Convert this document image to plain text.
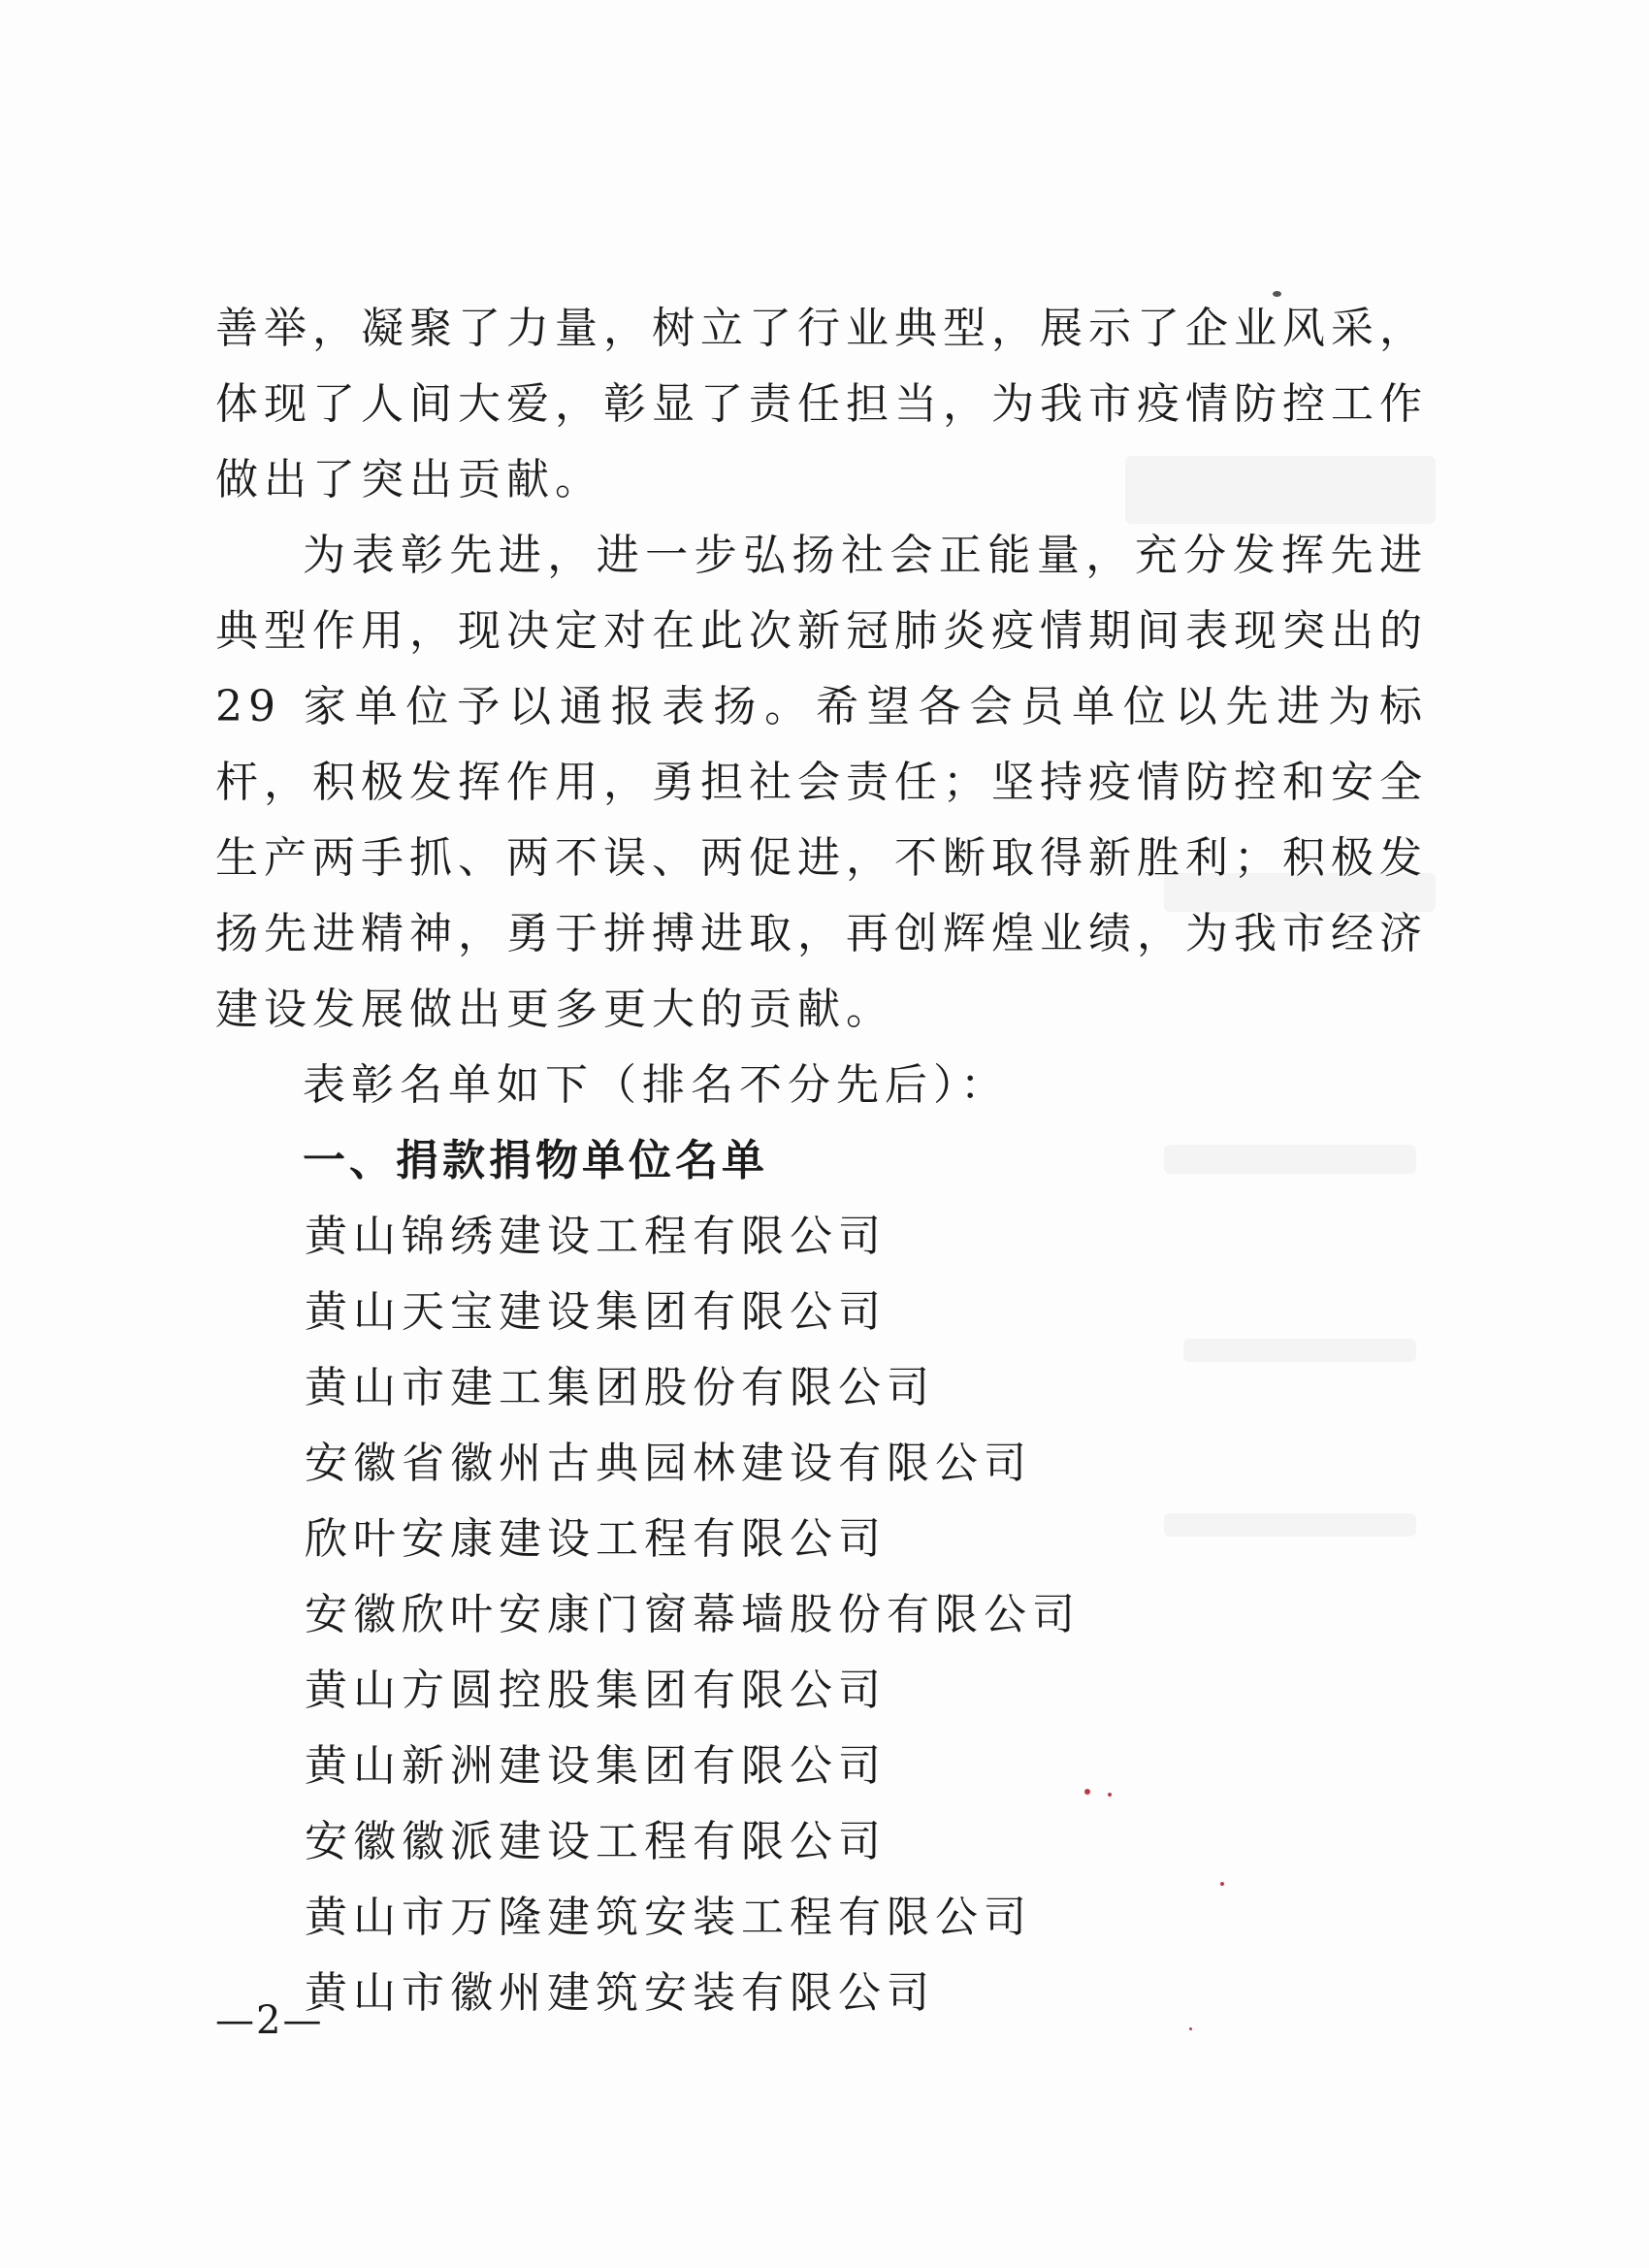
善举，凝聚了力量，树立了行业典型，展示了企业风采，体现了人间大爱，彰显了责任担当，为我市疫情防控工作做出了突出贡献。

为表彰先进，进一步弘扬社会正能量，充分发挥先进典型作用，现决定对在此次新冠肺炎疫情期间表现突出的 29 家单位予以通报表扬。希望各会员单位以先进为标杆，积极发挥作用，勇担社会责任；坚持疫情防控和安全生产两手抓、两不误、两促进，不断取得新胜利；积极发扬先进精神，勇于拼搏进取，再创辉煌业绩，为我市经济建设发展做出更多更大的贡献。

表彰名单如下（排名不分先后）：

一、捐款捐物单位名单

黄山锦绣建设工程有限公司
黄山天宝建设集团有限公司
黄山市建工集团股份有限公司
安徽省徽州古典园林建设有限公司
欣叶安康建设工程有限公司
安徽欣叶安康门窗幕墙股份有限公司
黄山方圆控股集团有限公司
黄山新洲建设集团有限公司
安徽徽派建设工程有限公司
黄山市万隆建筑安装工程有限公司
黄山市徽州建筑安装有限公司
—2—
